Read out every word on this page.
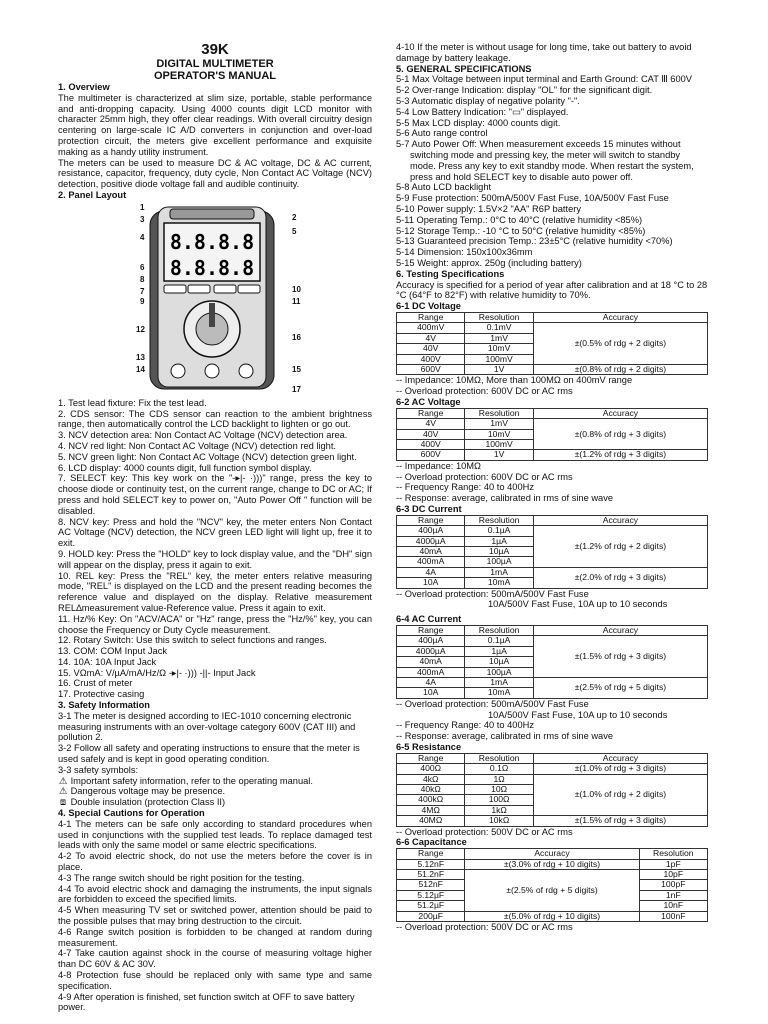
39K
DIGITAL MULTIMETER
OPERATOR'S MANUAL

1. Overview

The multimeter is characterized at slim size, portable, stable performance and anti-dropping capacity. Using 4000 counts digit LCD monitor with character 25mm high, they offer clear readings. With overall circuitry design centering on large-scale IC A/D converters in conjunction and over-load protection circuit, the meters give excellent performance and exquisite making as a handy utility instrument.

The meters can be used to measure DC & AC voltage, DC & AC current, resistance, capacitor, frequency, duty cycle, Non Contact AC Voltage (NCV) detection, positive diode voltage fall and audible continuity.

2. Panel Layout

8.8.8.8
8.8.8.8
1
3
4
6
8
7
9
12
13
14
2
5
10
11
16
15
17

1. Test lead fixture: Fix the test lead.

2. CDS sensor: The CDS sensor can reaction to the ambient brightness range, then automatically control the LCD backlight to lighten or go out.

3. NCV detection area: Non Contact AC Voltage (NCV) detection area.

4. NCV red light: Non Contact AC Voltage (NCV) detection red light.

5. NCV green light: Non Contact AC Voltage (NCV) detection green light.

6. LCD display: 4000 counts digit, full function symbol display.

7. SELECT key: This key work on the "-▸|- ·)))" range, press the key to choose diode or continuity test, on the current range, change to DC or AC; If press and hold SELECT key to power on, "Auto Power Off " function will be disabled.

8. NCV key: Press and hold the "NCV" key, the meter enters Non Contact AC Voltage (NCV) detection, the NCV green LED light will light up, free it to exit.

9. HOLD key: Press the "HOLD" key to lock display value, and the "DH" sign will appear on the display, press it again to exit.

10. REL key: Press the "REL" key, the meter enters relative measuring mode, "REL" is displayed on the LCD and the present reading becomes the reference value and displayed on the display. Relative measurement REL∆measurement value-Reference value. Press it again to exit.

11. Hz/% Key: On "ACV/ACA" or "Hz" range, press the "Hz/%" key, you can choose the Frequency or Duty Cycle measurement.

12. Rotary Switch: Use this switch to select functions and ranges.

13. COM: COM Input Jack

14. 10A: 10A Input Jack

15. VΩmA: V/µA/mA/Hz/Ω -▸|- ·))) -||- Input Jack

16. Crust of meter

17. Protective casing

3. Safety Information

3-1 The meter is designed according to IEC-1010 concerning electronic measuring instruments with an over-voltage category 600V (CAT III) and pollution 2.

3-2 Follow all safety and operating instructions to ensure that the meter is used safely and is kept in good operating condition.

3-3 safety symbols:

⚠ Important safety information, refer to the operating manual.

⚠ Dangerous voltage may be presence.

⧈ Double insulation (protection Class II)

4. Special Cautions for Operation

4-1 The meters can be safe only according to standard procedures when used in conjunctions with the supplied test leads. To replace damaged test leads with only the same model or same electric specifications.

4-2 To avoid electric shock, do not use the meters before the cover is in place.

4-3 The range switch should be right position for the testing.

4-4 To avoid electric shock and damaging the instruments, the input signals are forbidden to exceed the specified limits.

4-5 When measuring TV set or switched power, attention should be paid to the possible pulses that may bring destruction to the circuit.

4-6 Range switch position is forbidden to be changed at random during measurement.

4-7 Take caution against shock in the course of measuring voltage higher than DC 60V & AC 30V.

4-8 Protection fuse should be replaced only with same type and same specification.

4-9 After operation is finished, set function switch at OFF to save battery power.

4-10 If the meter is without usage for long time, take out battery to avoid damage by battery leakage.

5. GENERAL SPECIFICATIONS

5-1 Max Voltage between input terminal and Earth Ground: CAT Ⅲ 600V

5-2 Over-range Indication: display "OL" for the significant digit.

5-3 Automatic display of negative polarity "-".

5-4 Low Battery Indication: "▭" displayed.

5-5 Max LCD display: 4000 counts digit.

5-6 Auto range control

5-7 Auto Power Off: When measurement exceeds 15 minutes without switching mode and pressing key, the meter will switch to standby mode. Press any key to exit standby mode. When restart the system, press and hold SELECT key to disable auto power off.

5-8 Auto LCD backlight

5-9 Fuse protection: 500mA/500V Fast Fuse, 10A/500V Fast Fuse

5-10 Power supply: 1.5V×2 "AA" R6P battery

5-11 Operating Temp.: 0°C to 40°C (relative humidity <85%)

5-12 Storage Temp.: -10 °C to 50°C (relative humidity <85%)

5-13 Guaranteed precision Temp.: 23±5°C (relative humidity <70%)

5-14 Dimension: 150x100x36mm

5-15 Weight: approx. 250g (including battery)

6. Testing Specifications

Accuracy is specified for a period of year after calibration and at 18 °C to 28 °C (64°F to 82°F) with relative humidity to 70%.

6-1 DC Voltage

Range	Resolution	Accuracy
400mV	0.1mV	±(0.5% of rdg + 2 digits)
4V	1mV	
40V	10mV	
400V	100mV	
600V	1V	±(0.8% of rdg + 2 digits)

-- Impedance: 10MΩ, More than 100MΩ on 400mV range

-- Overload protection: 600V DC or AC rms

6-2 AC Voltage

Range	Resolution	Accuracy
4V	1mV	±(0.8% of rdg + 3 digits)
40V	10mV	
400V	100mV	
600V	1V	±(1.2% of rdg + 3 digits)

-- Impedance: 10MΩ

-- Overload protection: 600V DC or AC rms

-- Frequency Range: 40 to 400Hz

-- Response: average, calibrated in rms of sine wave

6-3 DC Current

Range	Resolution	Accuracy
400µA	0.1µA	±(1.2% of rdg + 2 digits)
4000µA	1µA	
40mA	10µA	
400mA	100µA	
4A	1mA	±(2.0% of rdg + 3 digits)
10A	10mA	

-- Overload protection: 500mA/500V Fast Fuse

10A/500V Fast Fuse, 10A up to 10 seconds

6-4 AC Current

Range	Resolution	Accuracy
400µA	0.1µA	±(1.5% of rdg + 3 digits)
4000µA	1µA	
40mA	10µA	
400mA	100µA	
4A	1mA	±(2.5% of rdg + 5 digits)
10A	10mA	

-- Overload protection: 500mA/500V Fast Fuse

10A/500V Fast Fuse, 10A up to 10 seconds

-- Frequency Range: 40 to 400Hz

-- Response: average, calibrated in rms of sine wave

6-5 Resistance

Range	Resolution	Accuracy
400Ω	0.1Ω	±(1.0% of rdg + 3 digits)
4kΩ	1Ω	±(1.0% of rdg + 2 digits)
40kΩ	10Ω	
400kΩ	100Ω	
4MΩ	1kΩ	
40MΩ	10kΩ	±(1.5% of rdg + 3 digits)

-- Overload protection: 500V DC or AC rms

6-6 Capacitance

Range	Accuracy	Resolution
5.12nF	±(3.0% of rdg + 10 digits)	1pF
51.2nF	±(2.5% of rdg + 5 digits)	10pF
512nF		100pF
5.12µF		1nF
51.2µF		10nF
200µF	±(5.0% of rdg + 10 digits)	100nF

-- Overload protection: 500V DC or AC rms
